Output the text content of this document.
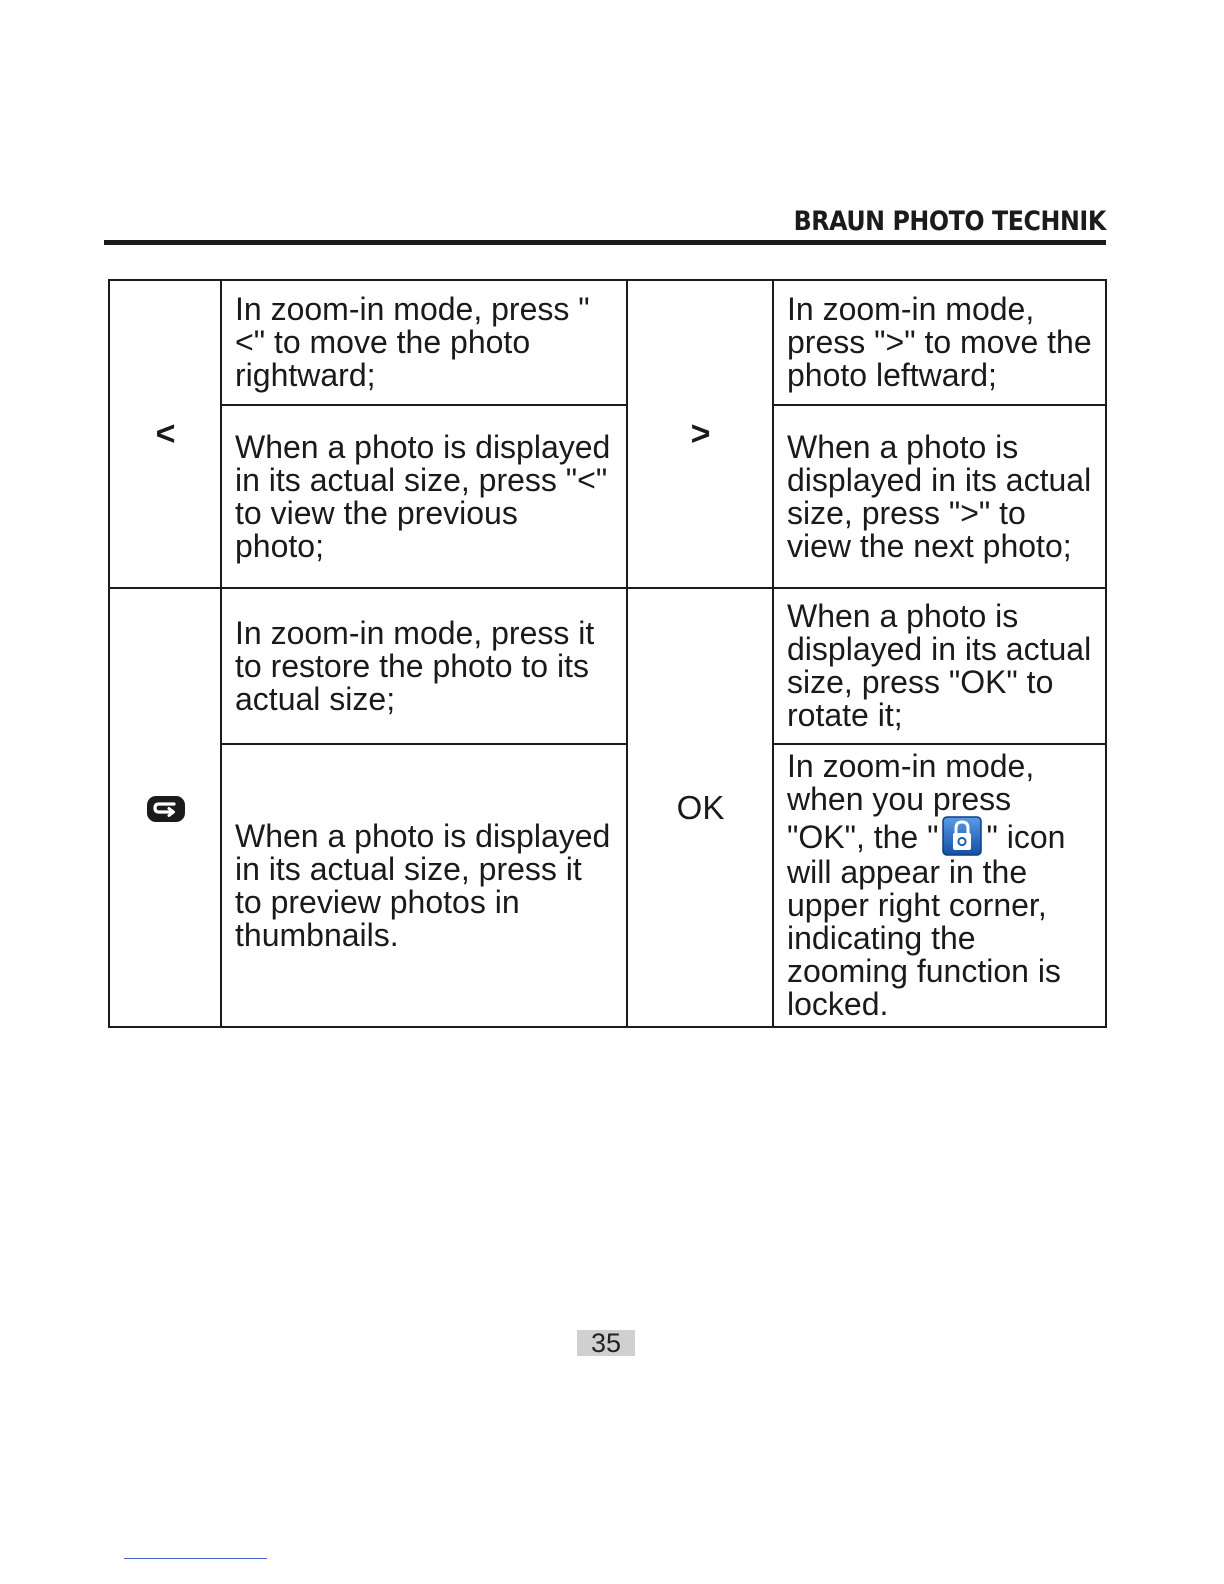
BRAUN PHOTO TECHNIK
<	In zoom-in mode, press "<" to move the photo rightward;	>	In zoom-in mode, press ">" to move the photo leftward;
	When a photo is displayed in its actual size, press "<" to view the previous photo;		When a photo is displayed in its actual size, press ">" to view the next photo;
	In zoom-in mode, press it to restore the photo to its actual size;	OK	When a photo is displayed in its actual size, press "OK" to rotate it;
	When a photo is displayed in its actual size, press it to preview photos in thumbnails.		In zoom-in mode, when you press "OK", the " " icon will appear in the upper right corner, indicating the zooming function is locked.
35
